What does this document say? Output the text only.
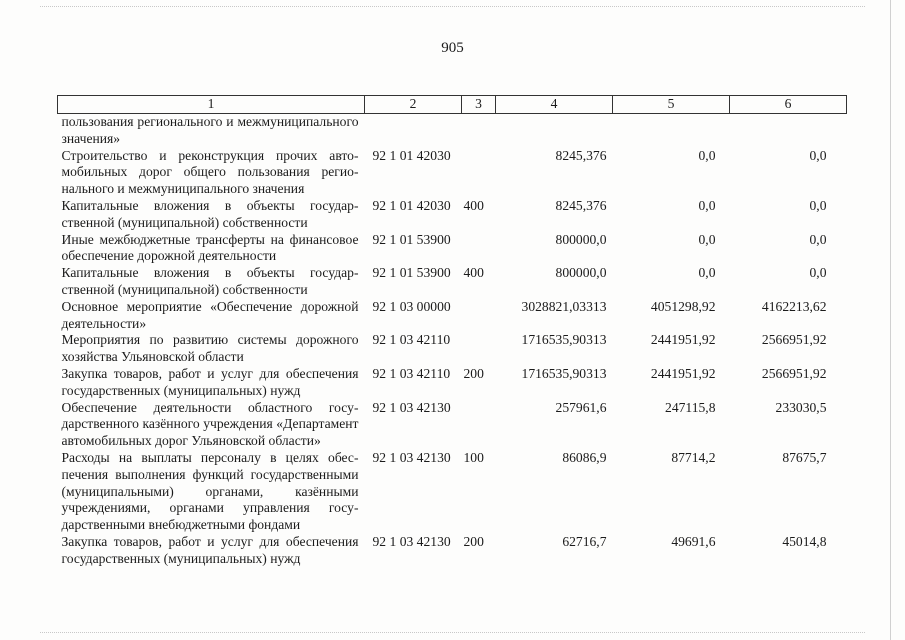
905
1	2	3	4	5	6
пользования регионального и межмуниципального значения»					
Строительство и реконструкция прочих автомобильных дорог общего пользования регионального и межмуниципального значения	92 1 01 42030		8245,376	0,0	0,0
Капитальные вложения в объекты государственной (муниципальной) собственности	92 1 01 42030	400	8245,376	0,0	0,0
Иные межбюджетные трансферты на финансовое обеспечение дорожной деятельности	92 1 01 53900		800000,0	0,0	0,0
Капитальные вложения в объекты государственной (муниципальной) собственности	92 1 01 53900	400	800000,0	0,0	0,0
Основное мероприятие «Обеспечение дорожной деятельности»	92 1 03 00000		3028821,03313	4051298,92	4162213,62
Мероприятия по развитию системы дорожного хозяйства Ульяновской области	92 1 03 42110		1716535,90313	2441951,92	2566951,92
Закупка товаров, работ и услуг для обеспечения государственных (муниципальных) нужд	92 1 03 42110	200	1716535,90313	2441951,92	2566951,92
Обеспечение деятельности областного государственного казённого учреждения «Департамент автомобильных дорог Ульяновской области»	92 1 03 42130		257961,6	247115,8	233030,5
Расходы на выплаты персоналу в целях обеспечения выполнения функций государственными (муниципальными) органами, казёнными учреждениями, органами управления государственными внебюджетными фондами	92 1 03 42130	100	86086,9	87714,2	87675,7
Закупка товаров, работ и услуг для обеспечения государственных (муниципальных) нужд	92 1 03 42130	200	62716,7	49691,6	45014,8
